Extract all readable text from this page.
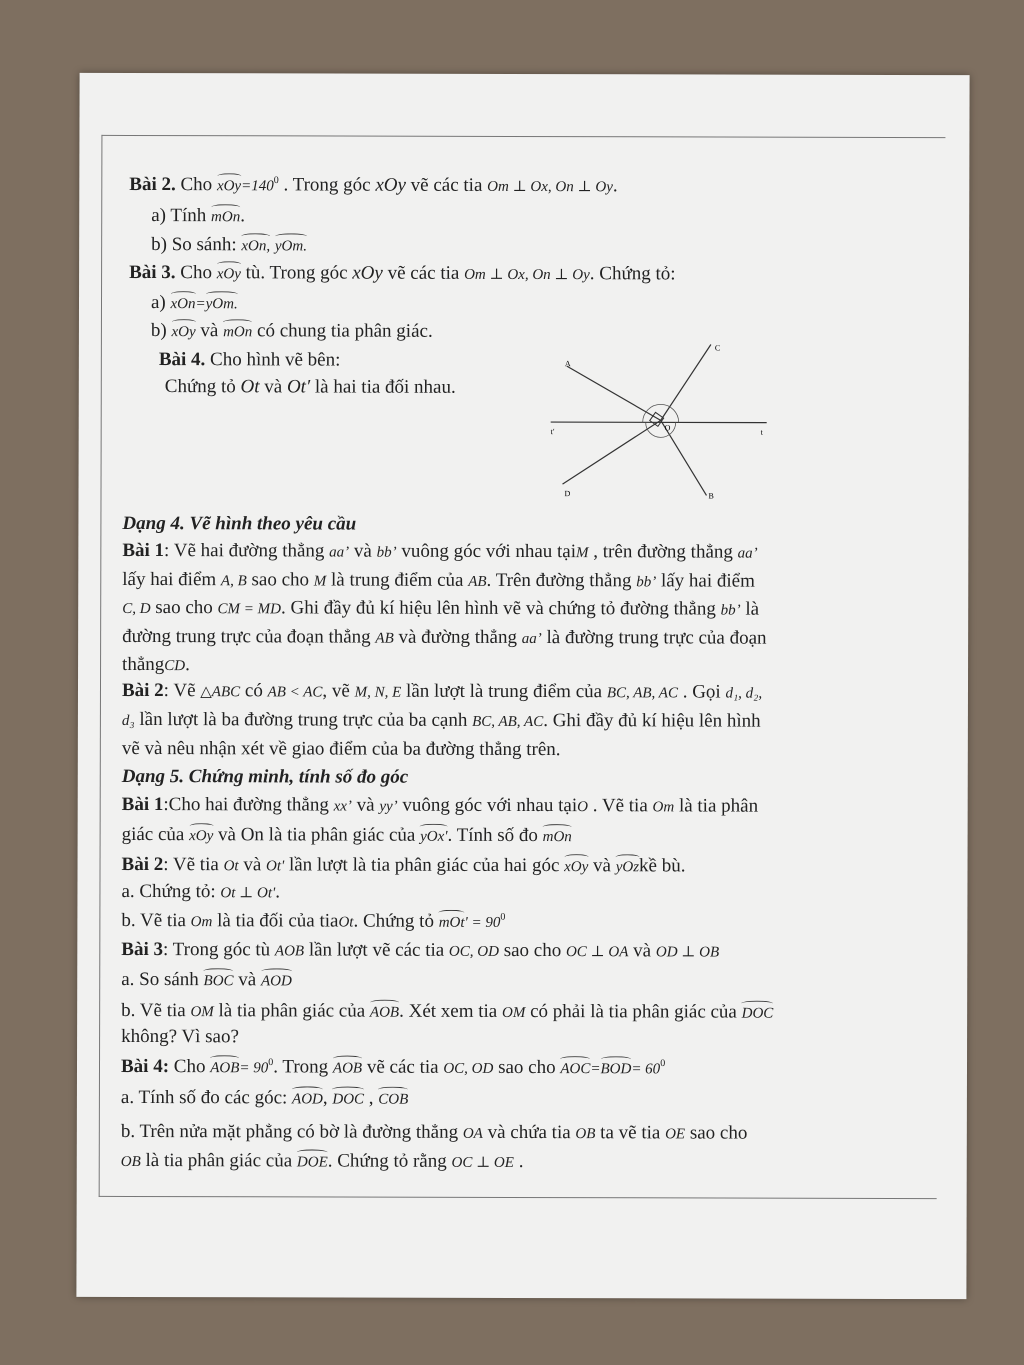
Bài 2. Cho $xOy=140^0$ . Trong góc xOy vẽ các tia Om ⊥ Ox, On ⊥ Oy.
a) Tính mOn.
b) So sánh: xOn, yOm.
Bài 3. Cho xOy tù. Trong góc xOy vẽ các tia Om ⊥ Ox, On ⊥ Oy. Chứng tỏ:
a) xOn=yOm.
b) xOy và mOn có chung tia phân giác.
Bài 4. Cho hình vẽ bên:
Chứng tỏ Ot và Ot′ là hai tia đối nhau.
A
B
C
D
O	t
t′
Dạng 4. Vẽ hình theo yêu cầu
Bài 1: Vẽ hai đường thẳng aa’ và bb’ vuông góc với nhau tạiM , trên đường thẳng aa’
lấy hai điểm A, B sao cho M là trung điểm của AB. Trên đường thẳng bb’ lấy hai điểm
C, D sao cho CM = MD. Ghi đầy đủ kí hiệu lên hình vẽ và chứng tỏ đường thẳng bb’ là
đường trung trực của đoạn thẳng AB và đường thẳng aa’ là đường trung trực của đoạn
thẳngCD.
Bài 2: Vẽ △ABC có AB < AC, vẽ M, N, E lần lượt là trung điểm của BC, AB, AC . Gọi d₁, d₂,
d₃ lần lượt là ba đường trung trực của ba cạnh BC, AB, AC. Ghi đầy đủ kí hiệu lên hình
vẽ và nêu nhận xét về giao điểm của ba đường thẳng trên.
Dạng 5. Chứng minh, tính số đo góc
Bài 1:Cho hai đường thẳng xx’ và yy’ vuông góc với nhau tạiO . Vẽ tia Om là tia phân
giác của xOy và On là tia phân giác của yOx'. Tính số đo mOn
Bài 2: Vẽ tia Ot và Ot' lần lượt là tia phân giác của hai góc xOy và yOzkề bù.
a. Chứng tỏ: Ot ⊥ Ot'.
b. Vẽ tia Om là tia đối của tiaOt. Chứng tỏ $mOt' = 90^0$
Bài 3: Trong góc tù AOB lần lượt vẽ các tia OC, OD sao cho OC ⊥ OA và OD ⊥ OB
a. So sánh BOC và AOD
b. Vẽ tia OM là tia phân giác của AOB. Xét xem tia OM có phải là tia phân giác của DOC
không? Vì sao?
Bài 4: Cho $AOB= 90^0$. Trong AOB vẽ các tia OC, OD sao cho $AOC=BOD= 60^0$
a. Tính số đo các góc: AOD, DOC , COB
b. Trên nửa mặt phẳng có bờ là đường thẳng OA và chứa tia OB ta vẽ tia OE sao cho
OB là tia phân giác của DOE. Chứng tỏ rằng OC ⊥ OE .
